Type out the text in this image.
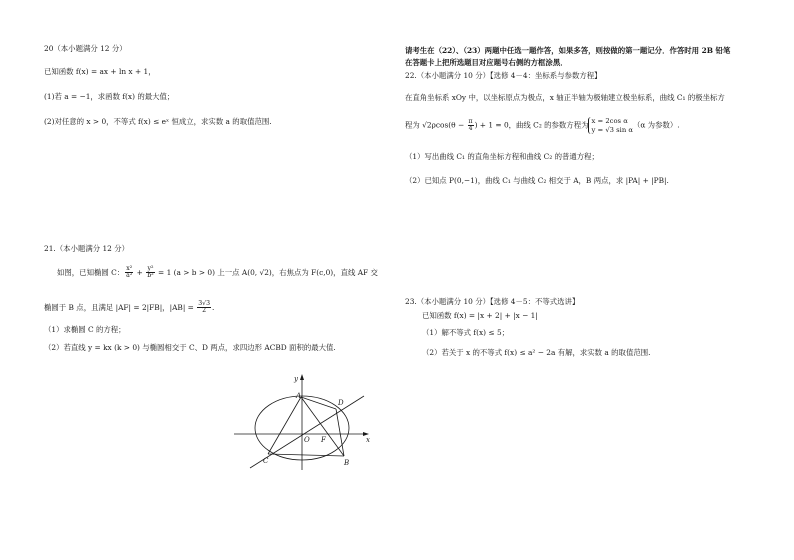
20（本小题满分 12 分）
已知函数 f(x) = ax + ln x + 1，
(1)若 a = −1，求函数 f(x) 的最大值；
(2)对任意的 x > 0，不等式 f(x) ≤ eˣ 恒成立，求实数 a 的取值范围.
21.（本小题满分 12 分）
如图，已知椭圆 C： $\frac{\text{x²}}{\text{a²}} + \frac{\text{y²}}{\text{b²}} = 1$ (a > b > 0) 上一点 A(0, √2)，右焦点为 F(c,0)，直线 AF 交
椭圆于 B 点，且满足 |AF| = 2|FB|，$|AB| = \frac{3√3}{2}$ .
（1）求椭圆 C 的方程；
（2）若直线 y = kx (k > 0) 与椭圆相交于 C、D 两点，求四边形 ACBD 面积的最大值.
y
x
A
D
O F
C	B
请考生在（22）、（23）两题中任选一题作答，如果多答，则按做的第一题记分．作答时用 2B 铅笔
在答题卡上把所选题目对应题号右侧的方框涂黑．
22.（本小题满分 10 分）【选修 4－4：坐标系与参数方程】
在直角坐标系 xOy 中，以坐标原点为极点，x 轴正半轴为极轴建立极坐标系，曲线 C₁ 的极坐标方
程为 $√2\rho\cos(\theta - \frac{\pi}{4}$ ) + 1 = 0，曲线 C₂ 的参数方程为 x = 2cos α
y = √3 sin α （α 为参数）.
（1）写出曲线 C₁ 的直角坐标方程和曲线 C₂ 的普通方程；
（2）已知点 P(0,−1)，曲线 C₁ 与曲线 C₂ 相交于 A，B 两点，求 |PA| + |PB|.
23.（本小题满分 10 分）【选修 4－5：不等式选讲】
已知函数 f(x) = |x + 2| + |x − 1|
（1）解不等式 f(x) ≤ 5；
（2）若关于 x 的不等式 f(x) ≤ a² − 2a 有解，求实数 a 的取值范围.
